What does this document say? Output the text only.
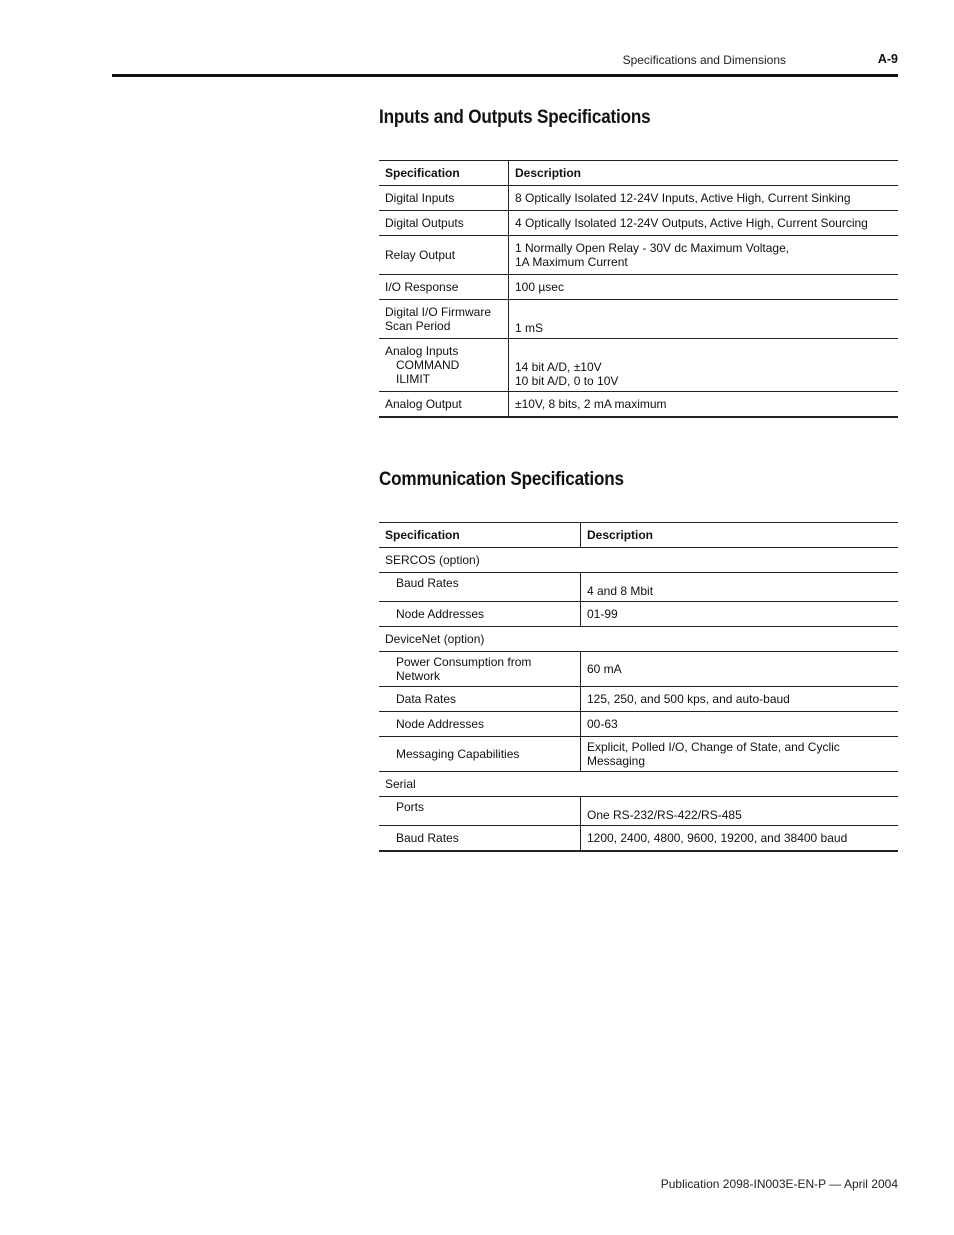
Specifications and Dimensions	A-9
Inputs and Outputs Specifications
Specification	Description
Digital Inputs	8 Optically Isolated 12-24V Inputs, Active High, Current Sinking
Digital Outputs	4 Optically Isolated 12-24V Outputs, Active High, Current Sourcing
Relay Output	1 Normally Open Relay - 30V dc Maximum Voltage,
1A Maximum Current

I/O Response	100 µsec

Digital I/O Firmware
Scan Period	1 mS

Analog Inputs
COMMAND
ILIMIT	14 bit A/D, ±10V
10 bit A/D, 0 to 10V

Analog Output	±10V, 8 bits, 2 mA maximum
Communication Specifications
Specification	Description
SERCOS (option)	
Baud Rates	4 and 8 Mbit
Node Addresses	01-99
DeviceNet (option)	
Power Consumption from Network	60 mA
Data Rates	125, 250, and 500 kps, and auto-baud
Node Addresses	00-63
Messaging Capabilities	Explicit, Polled I/O, Change of State, and Cyclic Messaging
Serial	
Ports	One RS-232/RS-422/RS-485
Baud Rates	1200, 2400, 4800, 9600, 19200, and 38400 baud
Publication 2098-IN003E-EN-P — April 2004
